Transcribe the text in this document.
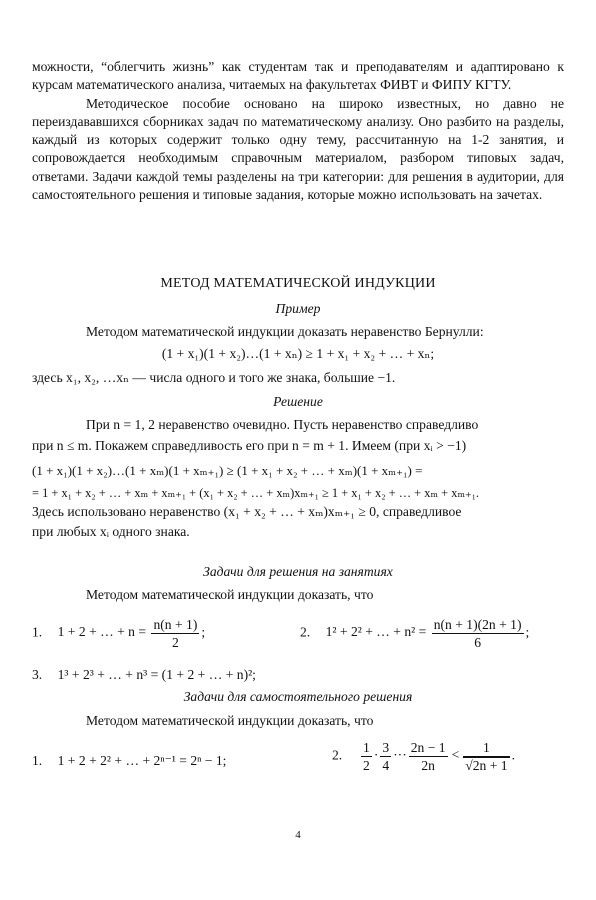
можности, “облегчить жизнь” как студентам так и преподавателям и адаптировано к курсам математического анализа, читаемых на факультетах ФИВТ и ФИПУ КГТУ.

Методическое пособие основано на широко известных, но давно не переиздававшихся сборниках задач по математическому анализу. Оно разбито на разделы, каждый из которых содержит только одну тему, рассчитанную на 1-2 занятия, и сопровождается необходимым справочным материалом, разбором типовых задач, ответами. Задачи каждой темы разделены на три категории: для решения в аудитории, для самостоятельного решения и типовые задания, которые можно использовать на зачетах.

МЕТОД МАТЕМАТИЧЕСКОЙ ИНДУКЦИИ

Пример

Методом математической индукции доказать неравенство Бернулли:

(1 + x₁)(1 + x₂)…(1 + xₙ) ≥ 1 + x₁ + x₂ + … + xₙ;

здесь x₁, x₂, …xₙ — числа одного и того же знака, большие −1.

Решение

При n = 1, 2 неравенство очевидно. Пусть неравенство справедливо

при n ≤ m. Покажем справедливость его при n = m + 1. Имеем (при xᵢ > −1)

(1 + x₁)(1 + x₂)…(1 + xₘ)(1 + xₘ₊₁) ≥ (1 + x₁ + x₂ + … + xₘ)(1 + xₘ₊₁) =

= 1 + x₁ + x₂ + … + xₘ + xₘ₊₁ + (x₁ + x₂ + … + xₘ)xₘ₊₁ ≥ 1 + x₁ + x₂ + … + xₘ + xₘ₊₁.

Здесь использовано неравенство (x₁ + x₂ + … + xₘ)xₘ₊₁ ≥ 0, справедливое

при любых xᵢ одного знака.

Задачи для решения на занятиях

Методом математической индукции доказать, что

1. 1 + 2 + … + $n = \frac{n(n + 1)}{2}$ ;	2. 1² + 2² + … + $n^2 = \frac{n(n + 1)(2n + 1)}{6}$ ;
3. 1³ + 2³ + … + n³ = (1 + 2 + … + n)²;

Задачи для самостоятельного решения

Методом математической индукции доказать, что

1. 1 + 2 + 2² + … + 2ⁿ⁻¹ = 2ⁿ − 1;	2. $\frac{1}{2} \cdot \frac{3}{4}$ ··· $\frac{2n - 1}{2n} < \frac{1}{√2n + 1}$ .
4
